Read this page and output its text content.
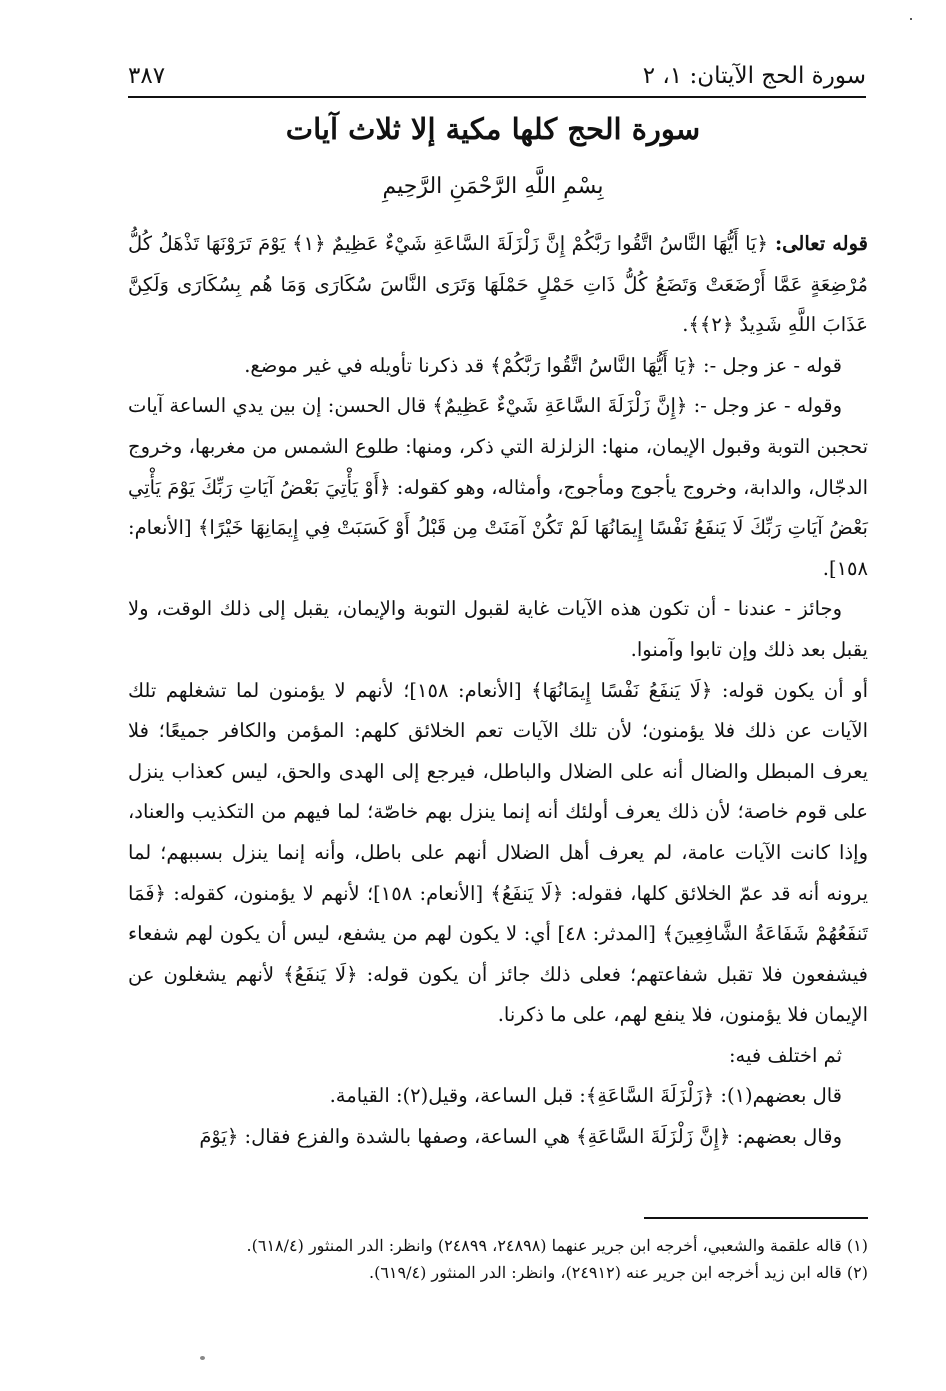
٣٨٧	سورة الحج الآيتان: ١، ٢
سورة الحج كلها مكية إلا ثلاث آيات
بِسْمِ اللَّهِ الرَّحْمَنِ الرَّحِيمِ

قوله تعالى: ﴿يَا أَيُّهَا النَّاسُ اتَّقُوا رَبَّكُمْ إِنَّ زَلْزَلَةَ السَّاعَةِ شَيْءٌ عَظِيمٌ ﴿١﴾ يَوْمَ تَرَوْنَهَا تَذْهَلُ كُلُّ مُرْضِعَةٍ عَمَّا أَرْضَعَتْ وَتَضَعُ كُلُّ ذَاتِ حَمْلٍ حَمْلَهَا وَتَرَى النَّاسَ سُكَارَى وَمَا هُم بِسُكَارَى وَلَكِنَّ عَذَابَ اللَّهِ شَدِيدٌ ﴿٢﴾﴾.

قوله - عز وجل -: ﴿يَا أَيُّهَا النَّاسُ اتَّقُوا رَبَّكُمْ﴾ قد ذكرنا تأويله في غير موضع.

وقوله - عز وجل -: ﴿إِنَّ زَلْزَلَةَ السَّاعَةِ شَيْءٌ عَظِيمٌ﴾ قال الحسن: إن بين يدي الساعة آيات تحجبن التوبة وقبول الإيمان، منها: الزلزلة التي ذكر، ومنها: طلوع الشمس من مغربها، وخروج الدجّال، والدابة، وخروج يأجوج ومأجوج، وأمثاله، وهو كقوله: ﴿أَوْ يَأْتِيَ بَعْضُ آيَاتِ رَبِّكَ يَوْمَ يَأْتِي بَعْضُ آيَاتِ رَبِّكَ لَا يَنفَعُ نَفْسًا إِيمَانُهَا لَمْ تَكُنْ آمَنَتْ مِن قَبْلُ أَوْ كَسَبَتْ فِي إِيمَانِهَا خَيْرًا﴾ [الأنعام: ١٥٨].

وجائز - عندنا - أن تكون هذه الآيات غاية لقبول التوبة والإيمان، يقبل إلى ذلك الوقت، ولا يقبل بعد ذلك وإن تابوا وآمنوا.

أو أن يكون قوله: ﴿لَا يَنفَعُ نَفْسًا إِيمَانُهَا﴾ [الأنعام: ١٥٨]؛ لأنهم لا يؤمنون لما تشغلهم تلك الآيات عن ذلك فلا يؤمنون؛ لأن تلك الآيات تعم الخلائق كلهم: المؤمن والكافر جميعًا؛ فلا يعرف المبطل والضال أنه على الضلال والباطل، فيرجع إلى الهدى والحق، ليس كعذاب ينزل على قوم خاصة؛ لأن ذلك يعرف أولئك أنه إنما ينزل بهم خاصّة؛ لما فيهم من التكذيب والعناد، وإذا كانت الآيات عامة، لم يعرف أهل الضلال أنهم على باطل، وأنه إنما ينزل بسببهم؛ لما يرونه أنه قد عمّ الخلائق كلها، فقوله: ﴿لَا يَنفَعُ﴾ [الأنعام: ١٥٨]؛ لأنهم لا يؤمنون، كقوله: ﴿فَمَا تَنفَعُهُمْ شَفَاعَةُ الشَّافِعِينَ﴾ [المدثر: ٤٨] أي: لا يكون لهم من يشفع، ليس أن يكون لهم شفعاء فيشفعون فلا تقبل شفاعتهم؛ فعلى ذلك جائز أن يكون قوله: ﴿لَا يَنفَعُ﴾ لأنهم يشغلون عن الإيمان فلا يؤمنون، فلا ينفع لهم، على ما ذكرنا.

ثم اختلف فيه:

قال بعضهم(١): ﴿زَلْزَلَةَ السَّاعَةِ﴾: قبل الساعة، وقيل(٢): القيامة.

وقال بعضهم: ﴿إِنَّ زَلْزَلَةَ السَّاعَةِ﴾ هي الساعة، وصفها بالشدة والفزع فقال: ﴿يَوْمَ

(١) قاله علقمة والشعبي، أخرجه ابن جرير عنهما (٢٤٨٩٨، ٢٤٨٩٩) وانظر: الدر المنثور (٦١٨/٤).

(٢) قاله ابن زيد أخرجه ابن جرير عنه (٢٤٩١٢)، وانظر: الدر المنثور (٦١٩/٤).
